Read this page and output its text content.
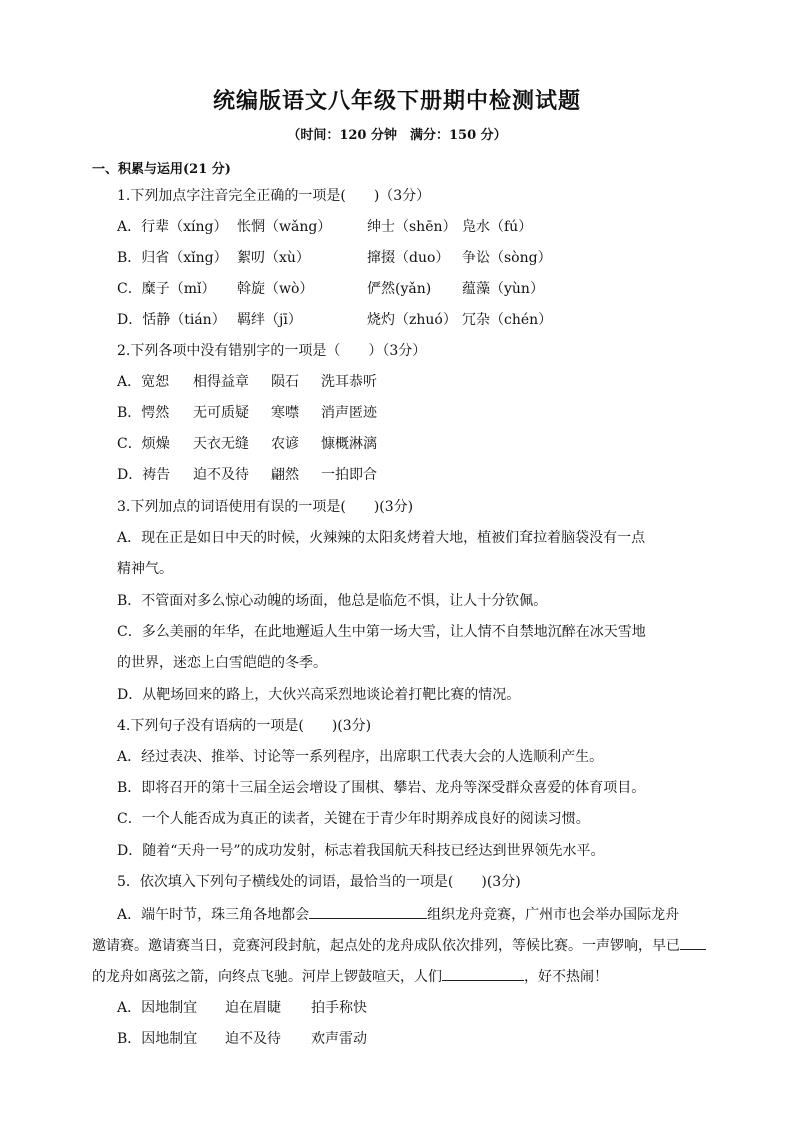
统编版语文八年级下册期中检测试题
（时间：120 分钟　满分：150 分）
一、积累与运用(21 分)
1.下列加点字注音完全正确的一项是(　　)（3分）
A．行辈（xíng） 怅惘（wǎng）	绅士（shēn） 凫水（fú）
B．归省（xǐng） 絮叨（xù）	撺掇（duo） 争讼（sòng）
C．糜子（mǐ） 斡旋（wò）	俨然(yǎn) 蕴藻（yùn）
D．恬静（tián） 羁绊（jī）	烧灼（zhuó） 冗杂（chén）
2.下列各项中没有错别字的一项是（　　）（3分）
A．宽恕 相得益章 陨石 洗耳恭听
B．愕然 无可质疑 寒噤 消声匿迹
C．烦燥 天衣无缝 农谚 慷概淋漓
D．祷告 迫不及待 翩然 一拍即合
3.下列加点的词语使用有误的一项是(　　)(3分)
A．现在正是如日中天的时候，火辣辣的太阳炙烤着大地，植被们耷拉着脑袋没有一点
精神气。
B．不管面对多么惊心动魄的场面，他总是临危不惧，让人十分钦佩。
C．多么美丽的年华，在此地邂逅人生中第一场大雪，让人情不自禁地沉醉在冰天雪地
的世界，迷恋上白雪皑皑的冬季。
D．从靶场回来的路上，大伙兴高采烈地谈论着打靶比赛的情况。
4.下列句子没有语病的一项是(　　)(3分)
A．经过表决、推举、讨论等一系列程序，出席职工代表大会的人选顺利产生。
B．即将召开的第十三届全运会增设了围棋、攀岩、龙舟等深受群众喜爱的体育项目。
C．一个人能否成为真正的读者，关键在于青少年时期养成良好的阅读习惯。
D．随着“天舟一号”的成功发射，标志着我国航天科技已经达到世界领先水平。
5．依次填入下列句子横线处的词语，最恰当的一项是(　　)(3分)
A．端午时节，珠三角各地都会	组织龙舟竞赛，广州市也会举办国际龙舟
邀请赛。邀请赛当日，竞赛河段封航，起点处的龙舟成队依次排列，等候比赛。一声锣响，早已
的龙舟如离弦之箭，向终点飞驰。河岸上锣鼓喧天，人们	，好不热闹！
A．因地制宜 迫在眉睫 拍手称快
B．因地制宜 迫不及待 欢声雷动
